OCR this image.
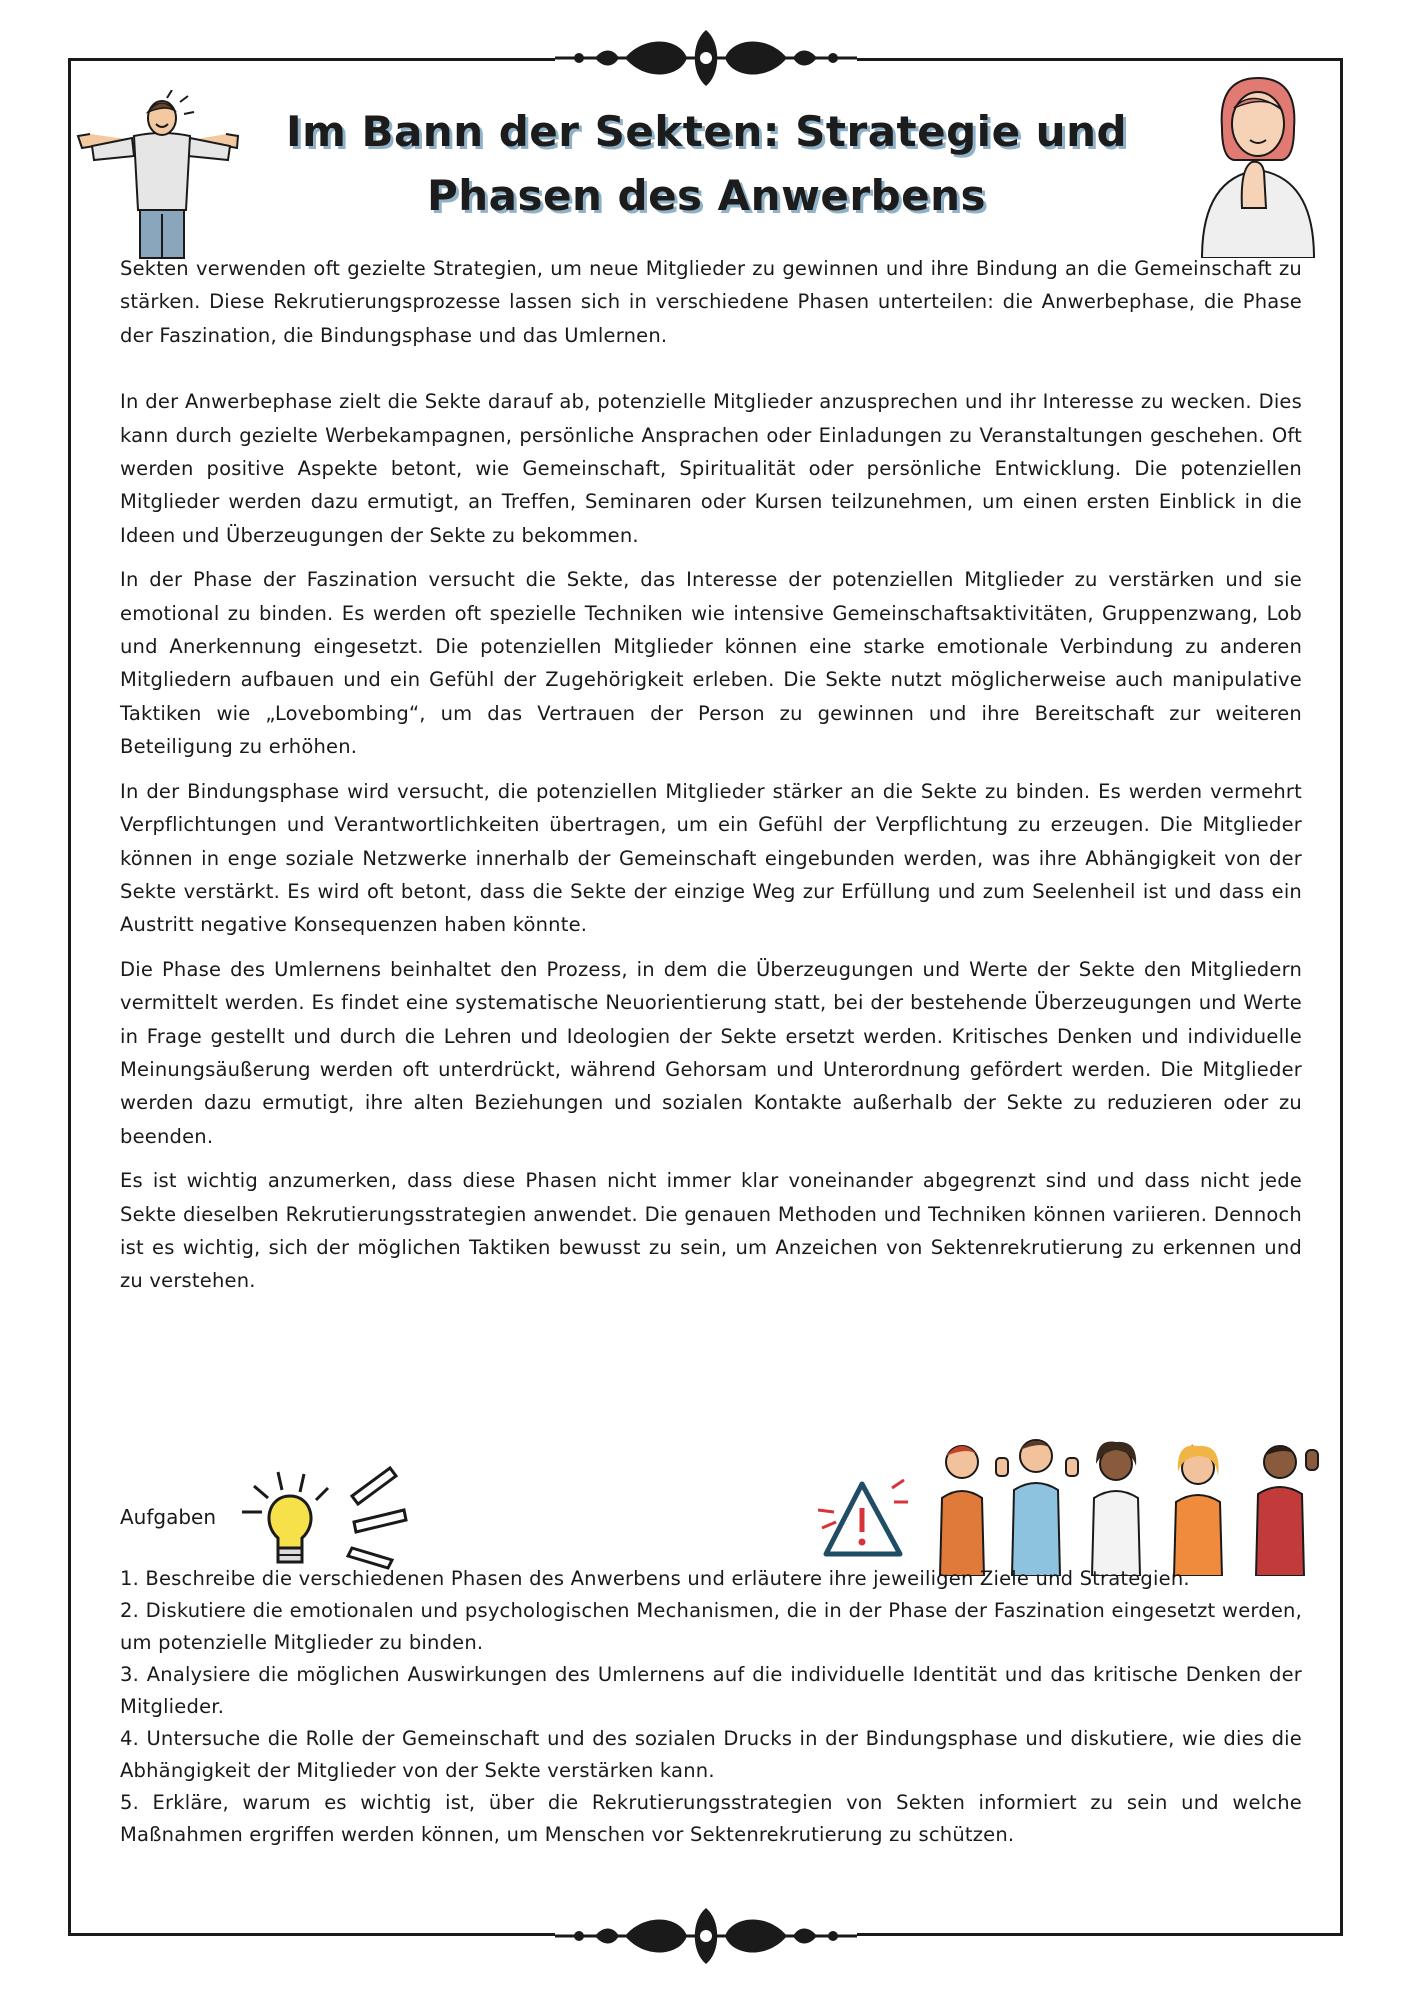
Im Bann der Sekten: Strategie und Phasen des Anwerbens

Sekten verwenden oft gezielte Strategien, um neue Mitglieder zu gewinnen und ihre Bindung an die Gemeinschaft zu stärken. Diese Rekrutierungsprozesse lassen sich in verschiedene Phasen unterteilen: die Anwerbephase, die Phase der Faszination, die Bindungsphase und das Umlernen.

In der Anwerbephase zielt die Sekte darauf ab, potenzielle Mitglieder anzusprechen und ihr Interesse zu wecken. Dies kann durch gezielte Werbekampagnen, persönliche Ansprachen oder Einladungen zu Veranstaltungen geschehen. Oft werden positive Aspekte betont, wie Gemeinschaft, Spiritualität oder persönliche Entwicklung. Die potenziellen Mitglieder werden dazu ermutigt, an Treffen, Seminaren oder Kursen teilzunehmen, um einen ersten Einblick in die Ideen und Überzeugungen der Sekte zu bekommen.

In der Phase der Faszination versucht die Sekte, das Interesse der potenziellen Mitglieder zu verstärken und sie emotional zu binden. Es werden oft spezielle Techniken wie intensive Gemeinschaftsaktivitäten, Gruppenzwang, Lob und Anerkennung eingesetzt. Die potenziellen Mitglieder können eine starke emotionale Verbindung zu anderen Mitgliedern aufbauen und ein Gefühl der Zugehörigkeit erleben. Die Sekte nutzt möglicherweise auch manipulative Taktiken wie „Lovebombing“, um das Vertrauen der Person zu gewinnen und ihre Bereitschaft zur weiteren Beteiligung zu erhöhen.

In der Bindungsphase wird versucht, die potenziellen Mitglieder stärker an die Sekte zu binden. Es werden vermehrt Verpflichtungen und Verantwortlichkeiten übertragen, um ein Gefühl der Verpflichtung zu erzeugen. Die Mitglieder können in enge soziale Netzwerke innerhalb der Gemeinschaft eingebunden werden, was ihre Abhängigkeit von der Sekte verstärkt. Es wird oft betont, dass die Sekte der einzige Weg zur Erfüllung und zum Seelenheil ist und dass ein Austritt negative Konsequenzen haben könnte.

Die Phase des Umlernens beinhaltet den Prozess, in dem die Überzeugungen und Werte der Sekte den Mitgliedern vermittelt werden. Es findet eine systematische Neuorientierung statt, bei der bestehende Überzeugungen und Werte in Frage gestellt und durch die Lehren und Ideologien der Sekte ersetzt werden. Kritisches Denken und individuelle Meinungsäußerung werden oft unterdrückt, während Gehorsam und Unterordnung gefördert werden. Die Mitglieder werden dazu ermutigt, ihre alten Beziehungen und sozialen Kontakte außerhalb der Sekte zu reduzieren oder zu beenden.

Es ist wichtig anzumerken, dass diese Phasen nicht immer klar voneinander abgegrenzt sind und dass nicht jede Sekte dieselben Rekrutierungsstrategien anwendet. Die genauen Methoden und Techniken können variieren. Dennoch ist es wichtig, sich der möglichen Taktiken bewusst zu sein, um Anzeichen von Sektenrekrutierung zu erkennen und zu verstehen.

Aufgaben
1. Beschreibe die verschiedenen Phasen des Anwerbens und erläutere ihre jeweiligen Ziele und Strategien.
2. Diskutiere die emotionalen und psychologischen Mechanismen, die in der Phase der Faszination eingesetzt werden, um potenzielle Mitglieder zu binden.
3. Analysiere die möglichen Auswirkungen des Umlernens auf die individuelle Identität und das kritische Denken der Mitglieder.
4. Untersuche die Rolle der Gemeinschaft und des sozialen Drucks in der Bindungsphase und diskutiere, wie dies die Abhängigkeit der Mitglieder von der Sekte verstärken kann.
5. Erkläre, warum es wichtig ist, über die Rekrutierungsstrategien von Sekten informiert zu sein und welche Maßnahmen ergriffen werden können, um Menschen vor Sektenrekrutierung zu schützen.
